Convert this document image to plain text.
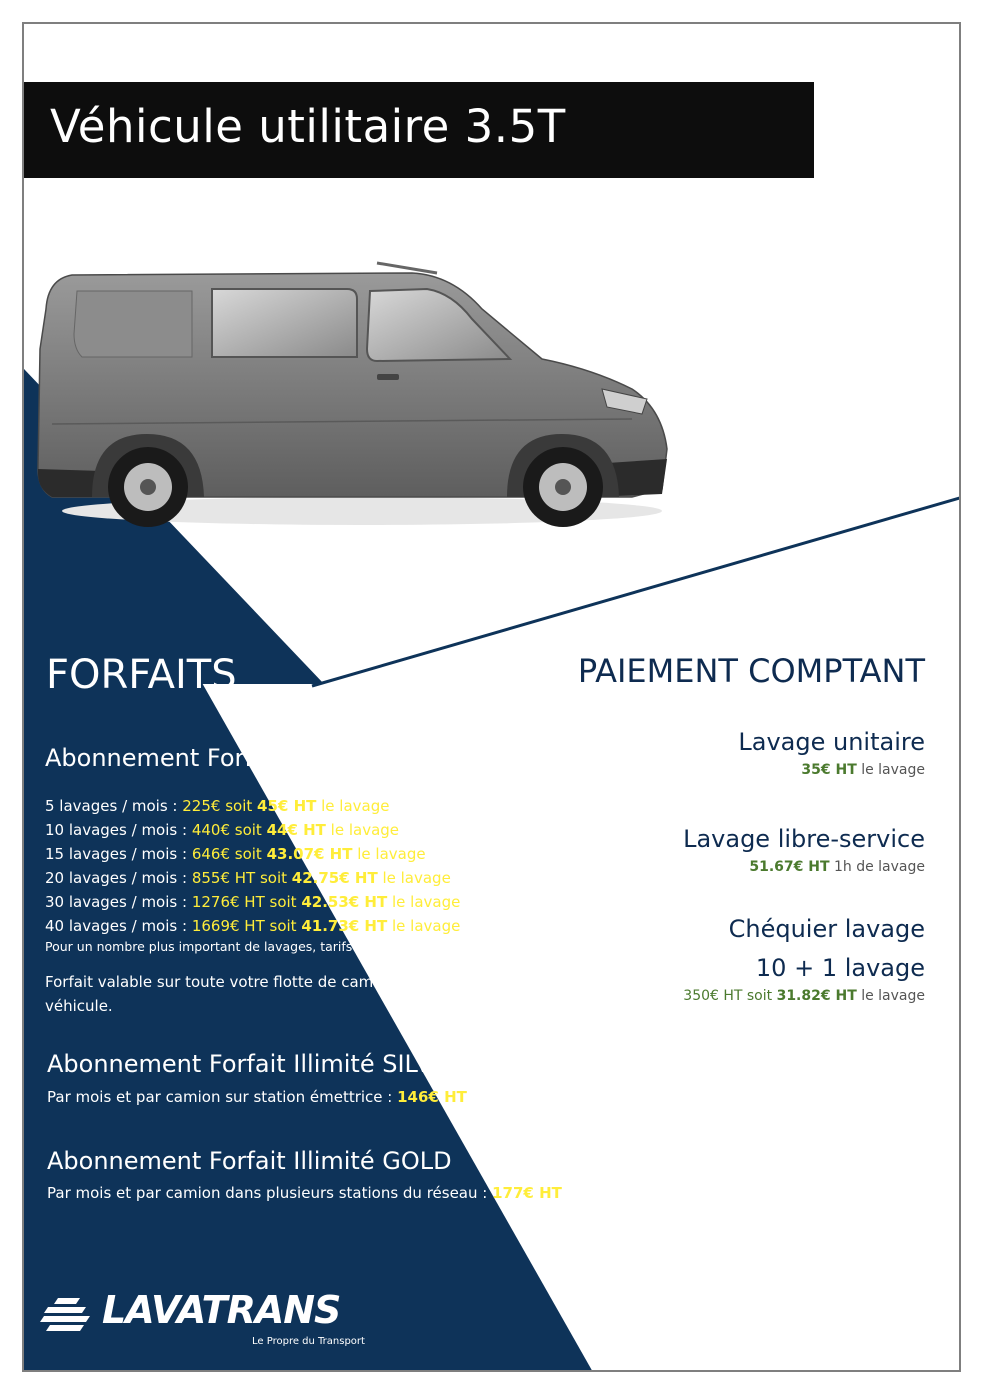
Véhicule utilitaire 3.5T
FORFAITS	PAIEMENT COMPTANT
Abonnement Forfait Pack
5 lavages / mois : 225€ soit 45€ HT le lavage
10 lavages / mois : 440€ soit 44€ HT le lavage
15 lavages / mois : 646€ soit 43.07€ HT le lavage
20 lavages / mois : 855€ HT soit 42.75€ HT le lavage
30 lavages / mois : 1276€ HT soit 42.53€ HT le lavage
40 lavages / mois : 1669€ HT soit 41.73€ HT le lavage
Pour un nombre plus important de lavages, tarifs sur demande.
Forfait valable sur toute votre flotte de camion, peu importe le type de véhicule.
Abonnement Forfait Illimité SILVER
Par mois et par camion sur station émettrice : 146€ HT
Abonnement Forfait Illimité GOLD
Par mois et par camion dans plusieurs stations du réseau : 177€ HT
Lavage unitaire
35€ HT le lavage
Lavage libre-service
51.67€ HT 1h de lavage
Chéquier lavage
10 + 1 lavage
350€ HT soit 31.82€ HT le lavage
LAVATRANS
Le Propre du Transport
